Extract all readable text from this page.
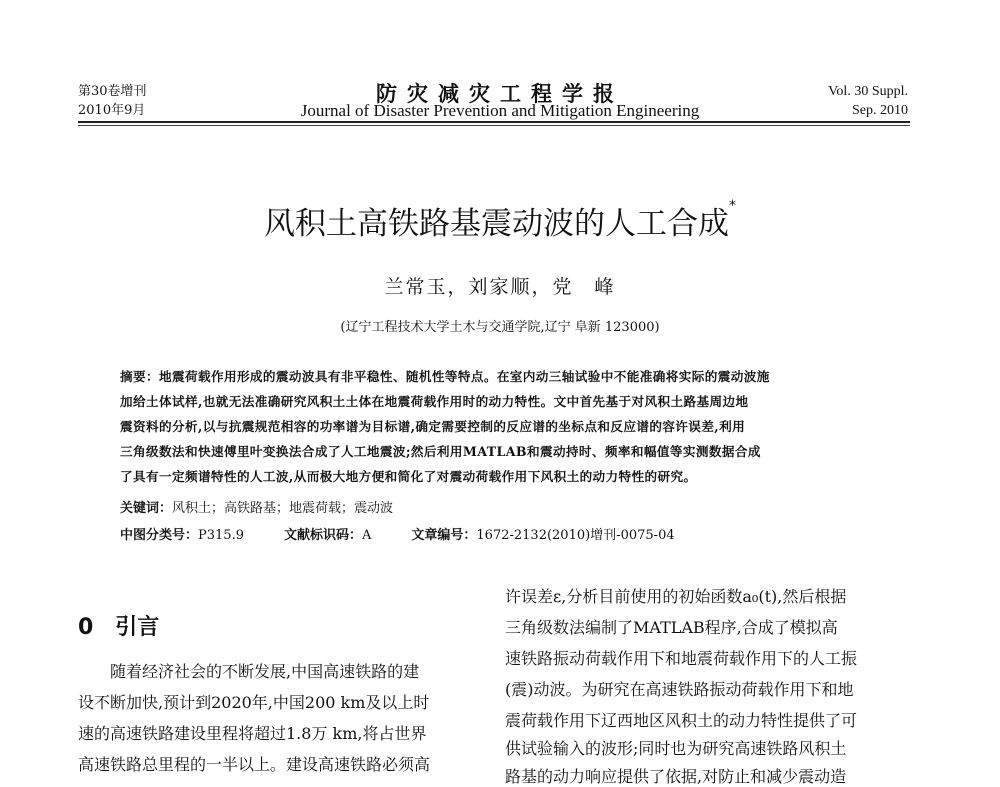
第30卷增刊
2010年9月
防灾减灾工程学报
Journal of Disaster Prevention and Mitigation Engineering
Vol. 30 Suppl.
Sep. 2010
风积土高铁路基震动波的人工合成*
兰常玉，刘家顺，党　峰
(辽宁工程技术大学土木与交通学院,辽宁 阜新 123000)
摘要：地震荷载作用形成的震动波具有非平稳性、随机性等特点。在室内动三轴试验中不能准确将实际的震动波施
加给土体试样,也就无法准确研究风积土土体在地震荷载作用时的动力特性。文中首先基于对风积土路基周边地
震资料的分析,以与抗震规范相容的功率谱为目标谱,确定需要控制的反应谱的坐标点和反应谱的容许误差,利用
三角级数法和快速傅里叶变换法合成了人工地震波;然后利用MATLAB和震动持时、频率和幅值等实测数据合成
了具有一定频谱特性的人工波,从而极大地方便和简化了对震动荷载作用下风积土的动力特性的研究。
关键词：风积土；高铁路基；地震荷载；震动波
中图分类号：P315.9	文献标识码：A	文章编号：1672-2132(2010)增刊-0075-04
0　引言
　　随着经济社会的不断发展,中国高速铁路的建
设不断加快,预计到2020年,中国200 km及以上时
速的高速铁路建设里程将超过1.8万 km,将占世界
高速铁路总里程的一半以上。建设高速铁路必须高
许误差ε,分析目前使用的初始函数a₀(t),然后根据
三角级数法编制了MATLAB程序,合成了模拟高
速铁路振动荷载作用下和地震荷载作用下的人工振
(震)动波。为研究在高速铁路振动荷载作用下和地
震荷载作用下辽西地区风积土的动力特性提供了可
供试验输入的波形;同时也为研究高速铁路风积土
路基的动力响应提供了依据,对防止和减少震动造
